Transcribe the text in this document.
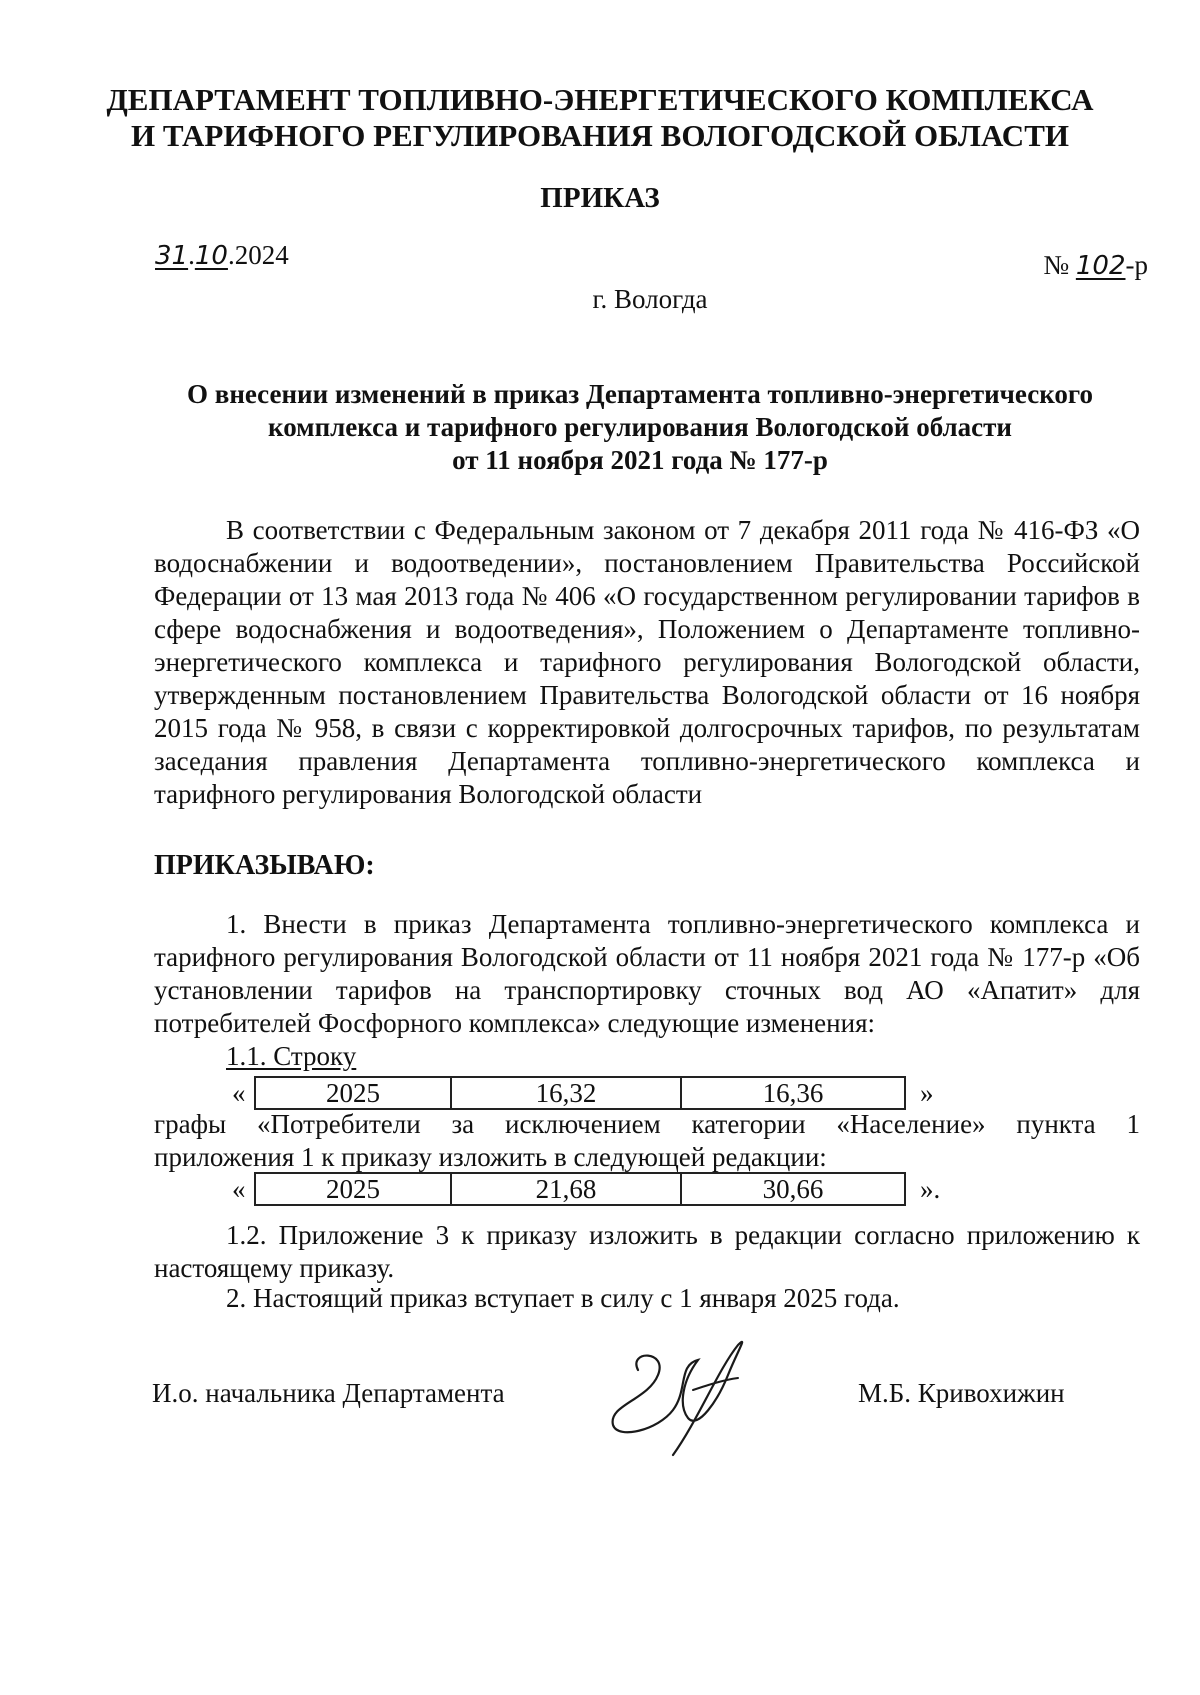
ДЕПАРТАМЕНТ ТОПЛИВНО-ЭНЕРГЕТИЧЕСКОГО КОМПЛЕКСА
И ТАРИФНОГО РЕГУЛИРОВАНИЯ ВОЛОГОДСКОЙ ОБЛАСТИ
ПРИКАЗ
31.10.2024	№ 102-р
г. Вологда
О внесении изменений в приказ Департамента топливно-энергетического
комплекса и тарифного регулирования Вологодской области
от 11 ноября 2021 года № 177-р
В соответствии с Федеральным законом от 7 декабря 2011 года № 416-ФЗ «О водоснабжении и водоотведении», постановлением Правительства Российской Федерации от 13 мая 2013 года № 406 «О государственном регулировании тарифов в сфере водоснабжения и водоотведения», Положением о Департаменте топливно-энергетического комплекса и тарифного регулирования Вологодской области, утвержденным постановлением Правительства Вологодской области от 16 ноября 2015 года № 958, в связи с корректировкой долгосрочных тарифов, по результатам заседания правления Департамента топливно-энергетического комплекса и тарифного регулирования Вологодской области
ПРИКАЗЫВАЮ:
1. Внести в приказ Департамента топливно-энергетического комплекса и тарифного регулирования Вологодской области от 11 ноября 2021 года № 177-р «Об установлении тарифов на транспортировку сточных вод АО «Апатит» для потребителей Фосфорного комплекса» следующие изменения:
1.1. Строку
«	2025	16,32	16,36	»
графы «Потребители за исключением категории «Население» пункта 1
приложения 1 к приказу изложить в следующей редакции:
«	2025	21,68	30,66	».
1.2. Приложение 3 к приказу изложить в редакции согласно приложению к настоящему приказу.
2. Настоящий приказ вступает в силу с 1 января 2025 года.
И.о. начальника Департамента	М.Б. Кривохижин
